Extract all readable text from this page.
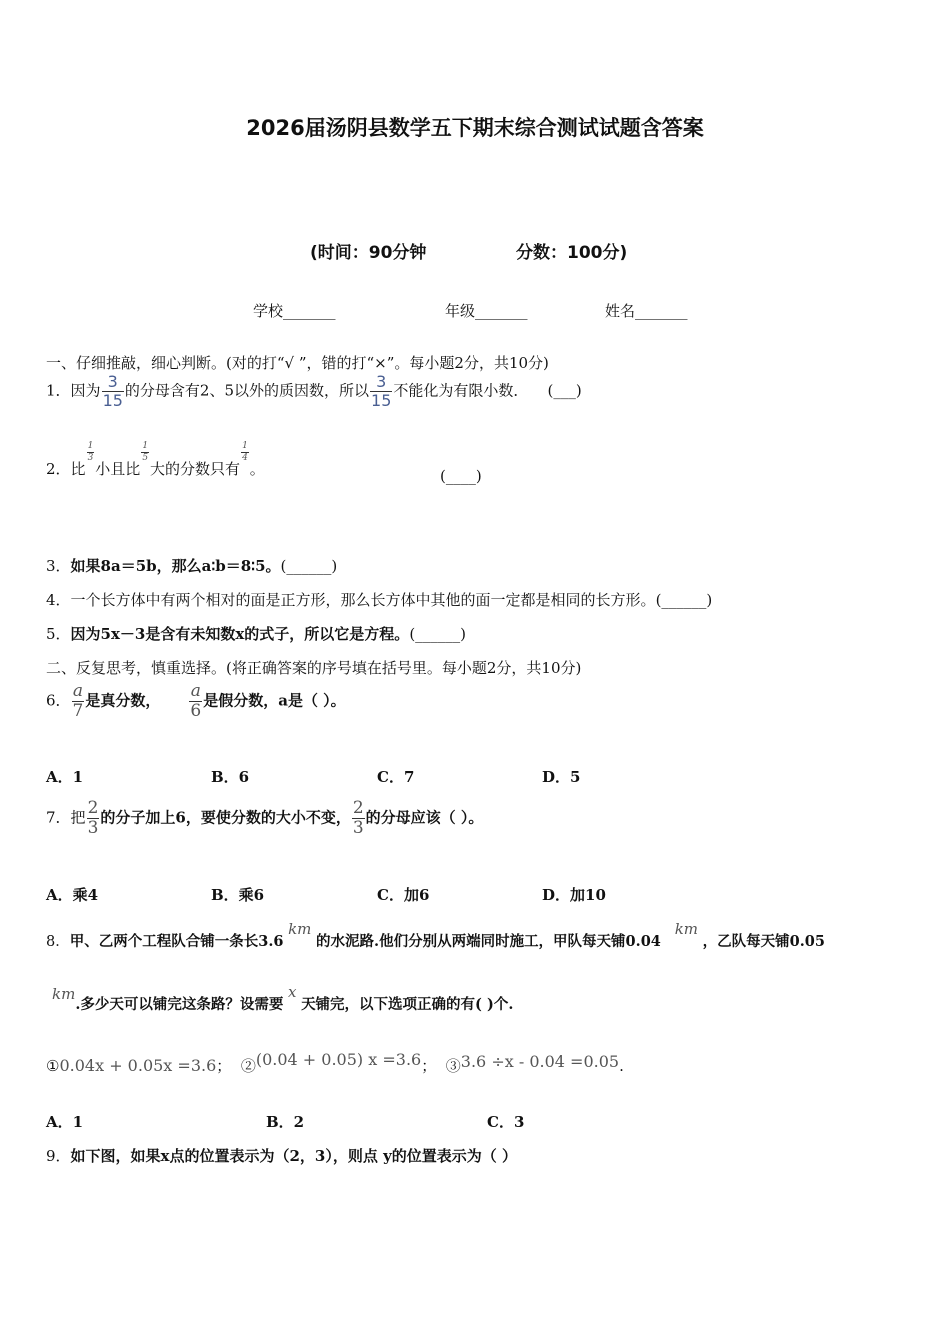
2026届汤阴县数学五下期末综合测试试题含答案
(时间：90分钟	分数：100分)
学校_______	年级_______	姓名_______
一、仔细推敲，细心判断。(对的打“√ ”，错的打“×”。每小题2分，共10分)
1．因为 $\frac{3}{15}$ 的分母含有2、5以外的质因数，所以 $\frac{3}{15}$ 不能化为有限小数． (___)
2．比
$\frac{1}{3}$
小且比
$\frac{1}{5}$
大的分数只有
$\frac{1}{4}$
。	(____)
3．如果8a＝5b，那么a∶b＝8∶5。(______)
4．一个长方体中有两个相对的面是正方形，那么长方体中其他的面一定都是相同的长方形。(______)
5．因为5x－3是含有未知数x的式子，所以它是方程。(______)
二、反复思考，慎重选择。(将正确答案的序号填在括号里。每小题2分，共10分)
6． $\frac{a}{7}$ 是真分数， $\frac{a}{6}$ 是假分数，a是（ ）。
A．1	B．6	C．7	D．5
7．把 $\frac{2}{3}$ 的分子加上6，要使分数的大小不变， $\frac{2}{3}$ 的分母应该（ ）。
A．乘4	B．乘6	C．加6	D．加10
8．甲、乙两个工程队合铺一条长3.6 km 的水泥路.他们分别从两端同时施工，甲队每天铺0.04   km ，乙队每天铺0.05
km.多少天可以铺完这条路？设需要 x 天铺完，以下选项正确的有( )个.
①0.04x + 0.05x =3.6； ②(0.04 + 0.05) x =3.6； ③3.6 ÷x ‑ 0.04 =0.05.
A．1	B．2	C．3
9．如下图，如果x点的位置表示为（2，3），则点 y的位置表示为（ ）
